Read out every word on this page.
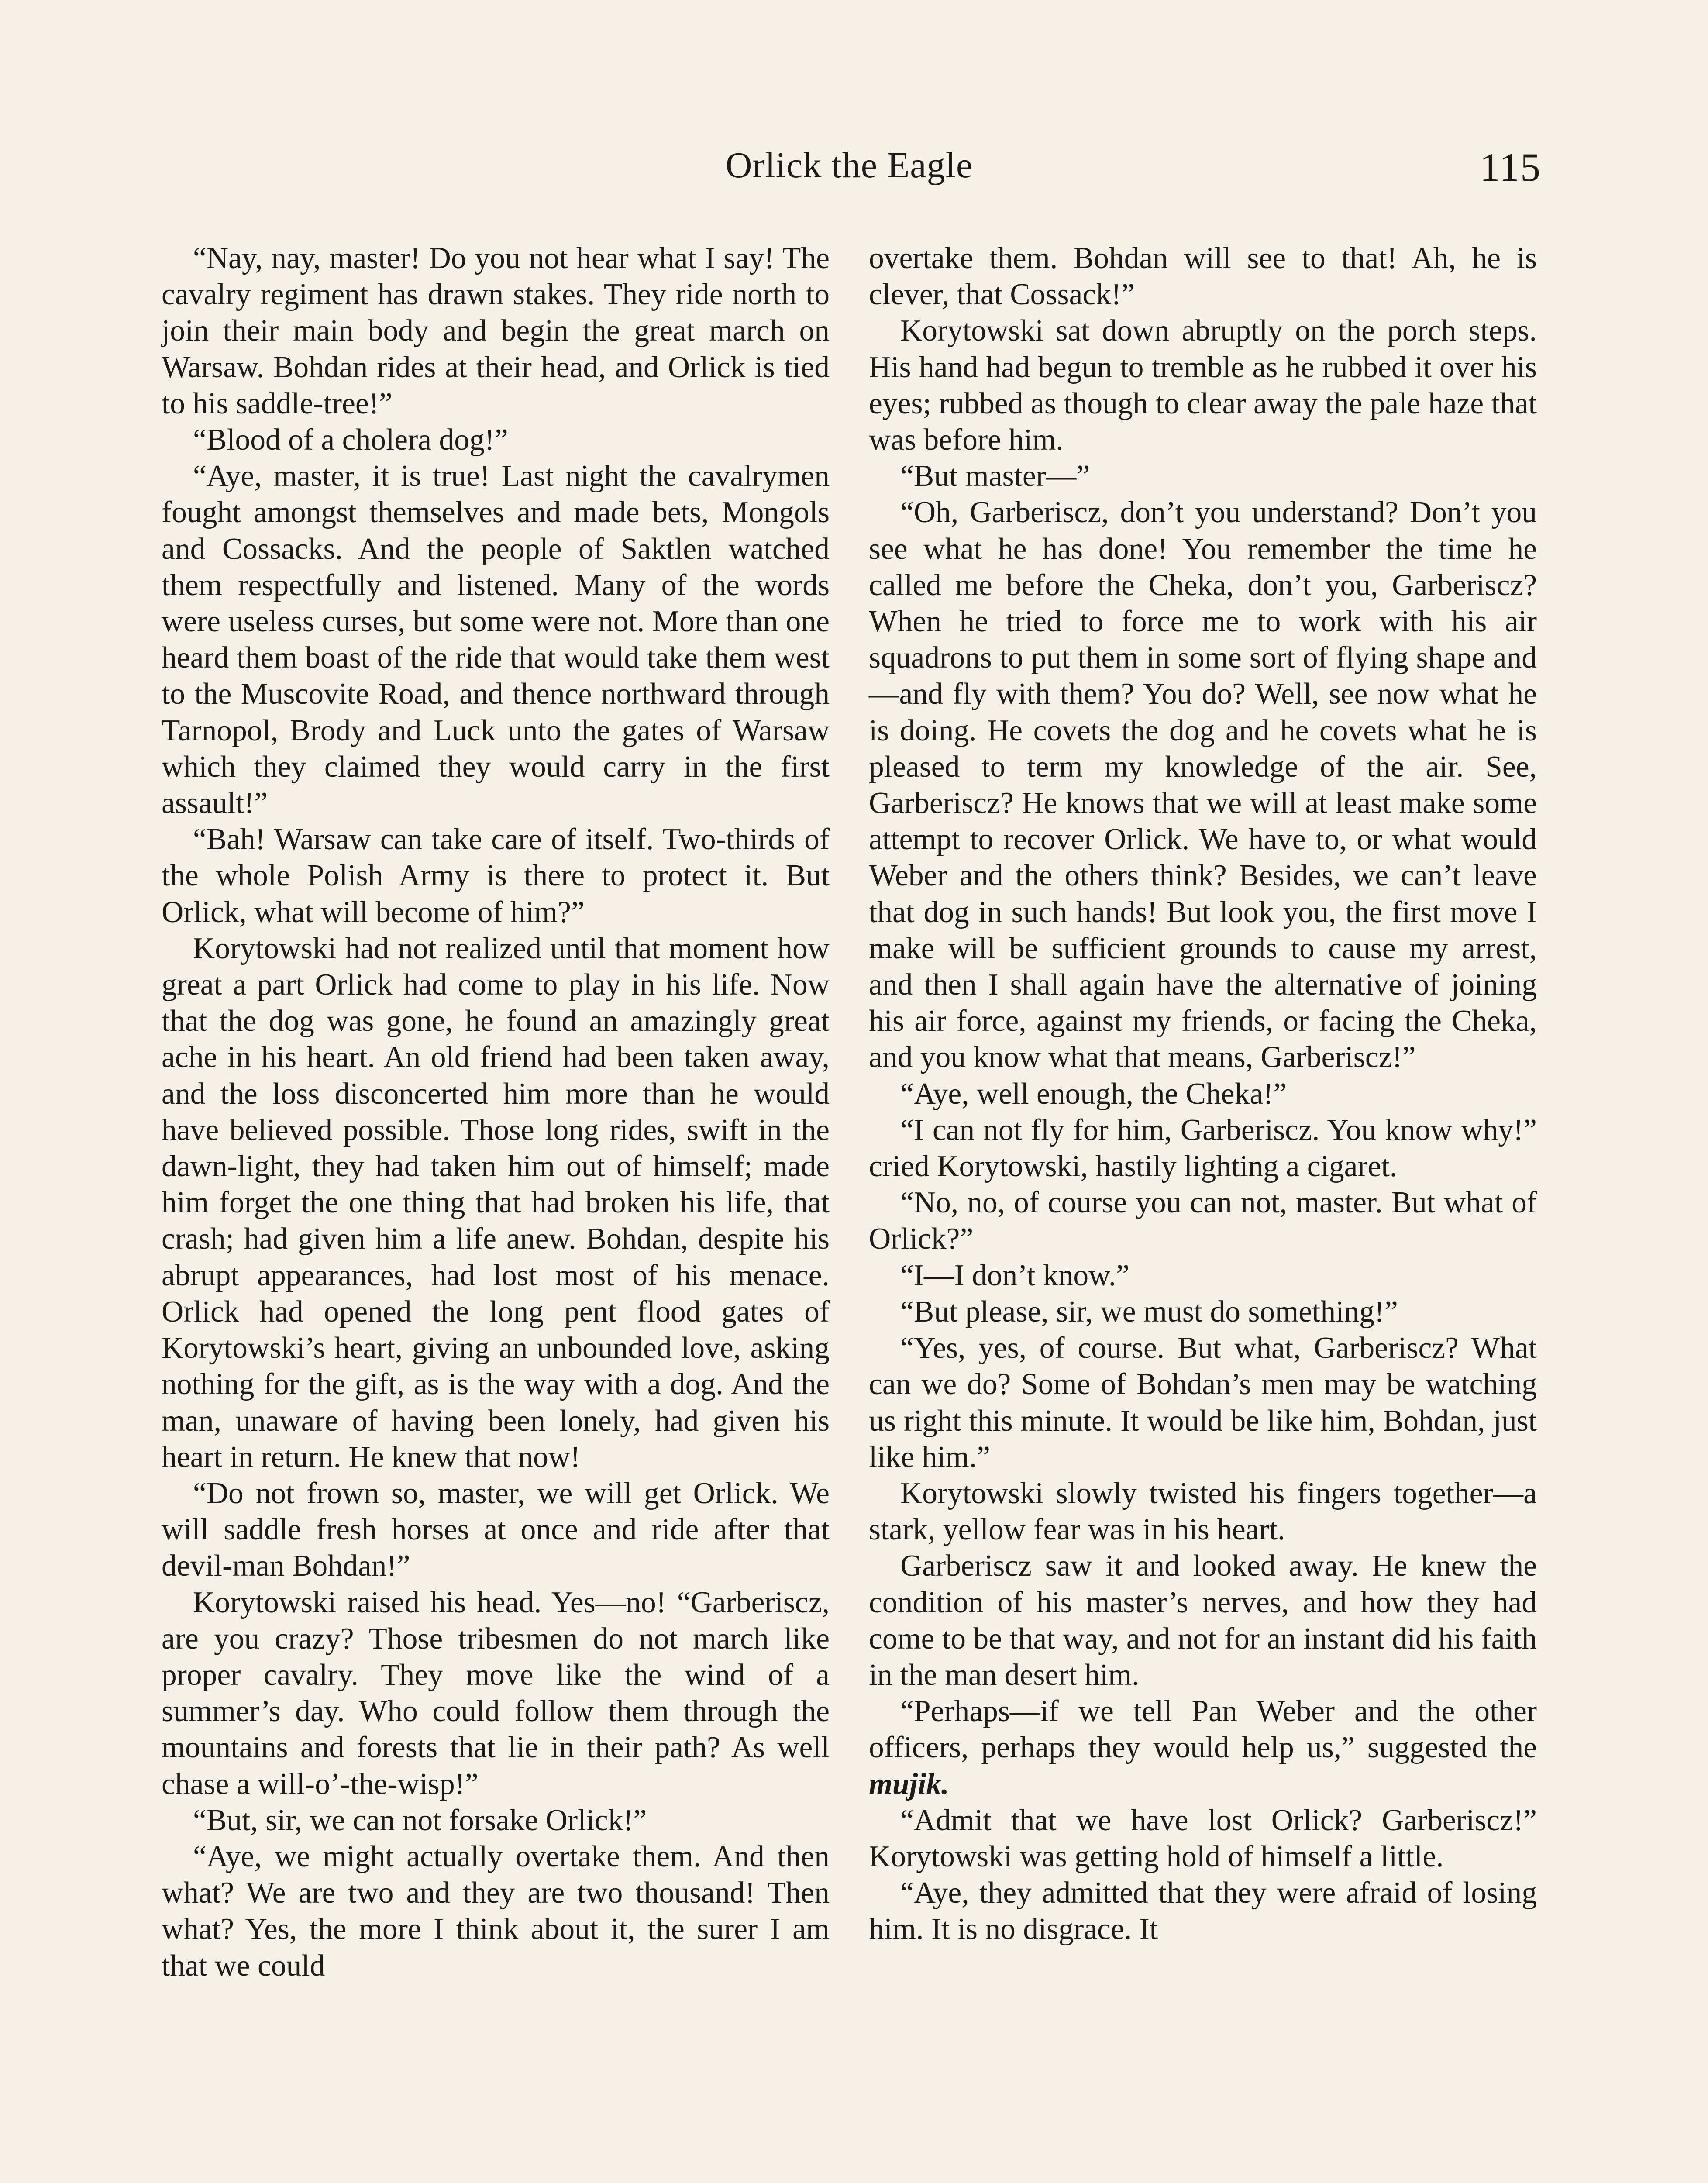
Orlick the Eagle	115

“Nay, nay, master! Do you not hear what I say! The cavalry regiment has drawn stakes. They ride north to join their main body and begin the great march on Warsaw. Bohdan rides at their head, and Orlick is tied to his saddle-tree!”

“Blood of a cholera dog!”

“Aye, master, it is true! Last night the cavalrymen fought amongst themselves and made bets, Mongols and Cossacks. And the people of Saktlen watched them respectfully and listened. Many of the words were useless curses, but some were not. More than one heard them boast of the ride that would take them west to the Muscovite Road, and thence northward through Tarnopol, Brody and Luck unto the gates of Warsaw which they claimed they would carry in the first assault!”

“Bah! Warsaw can take care of itself. Two-thirds of the whole Polish Army is there to protect it. But Orlick, what will become of him?”

Korytowski had not realized until that moment how great a part Orlick had come to play in his life. Now that the dog was gone, he found an amazingly great ache in his heart. An old friend had been taken away, and the loss disconcerted him more than he would have believed possible. Those long rides, swift in the dawn-light, they had taken him out of himself; made him forget the one thing that had broken his life, that crash; had given him a life anew. Bohdan, despite his abrupt appearances, had lost most of his menace. Orlick had opened the long pent flood gates of Korytowski’s heart, giving an unbounded love, asking nothing for the gift, as is the way with a dog. And the man, unaware of having been lonely, had given his heart in return. He knew that now!

“Do not frown so, master, we will get Orlick. We will saddle fresh horses at once and ride after that devil-man Bohdan!”

Korytowski raised his head. Yes—no! “Garberiscz, are you crazy? Those tribesmen do not march like proper cavalry. They move like the wind of a summer’s day. Who could follow them through the mountains and forests that lie in their path? As well chase a will-o’-the-wisp!”

“But, sir, we can not forsake Orlick!”

“Aye, we might actually overtake them. And then what? We are two and they are two thousand! Then what? Yes, the more I think about it, the surer I am that we could

overtake them. Bohdan will see to that! Ah, he is clever, that Cossack!”

Korytowski sat down abruptly on the porch steps. His hand had begun to tremble as he rubbed it over his eyes; rubbed as though to clear away the pale haze that was before him.

“But master—”

“Oh, Garberiscz, don’t you understand? Don’t you see what he has done! You remember the time he called me before the Cheka, don’t you, Garberiscz? When he tried to force me to work with his air squadrons to put them in some sort of flying shape and—and fly with them? You do? Well, see now what he is doing. He covets the dog and he covets what he is pleased to term my knowledge of the air. See, Garberiscz? He knows that we will at least make some attempt to recover Orlick. We have to, or what would Weber and the others think? Besides, we can’t leave that dog in such hands! But look you, the first move I make will be sufficient grounds to cause my arrest, and then I shall again have the alternative of joining his air force, against my friends, or facing the Cheka, and you know what that means, Garberiscz!”

“Aye, well enough, the Cheka!”

“I can not fly for him, Garberiscz. You know why!” cried Korytowski, hastily lighting a cigaret.

“No, no, of course you can not, master. But what of Orlick?”

“I—I don’t know.”

“But please, sir, we must do something!”

“Yes, yes, of course. But what, Garberiscz? What can we do? Some of Bohdan’s men may be watching us right this minute. It would be like him, Bohdan, just like him.”

Korytowski slowly twisted his fingers together—a stark, yellow fear was in his heart.

Garberiscz saw it and looked away. He knew the condition of his master’s nerves, and how they had come to be that way, and not for an instant did his faith in the man desert him.

“Perhaps—if we tell Pan Weber and the other officers, perhaps they would help us,” suggested the mujik.

“Admit that we have lost Orlick? Garberiscz!” Korytowski was getting hold of himself a little.

“Aye, they admitted that they were afraid of losing him. It is no disgrace. It
